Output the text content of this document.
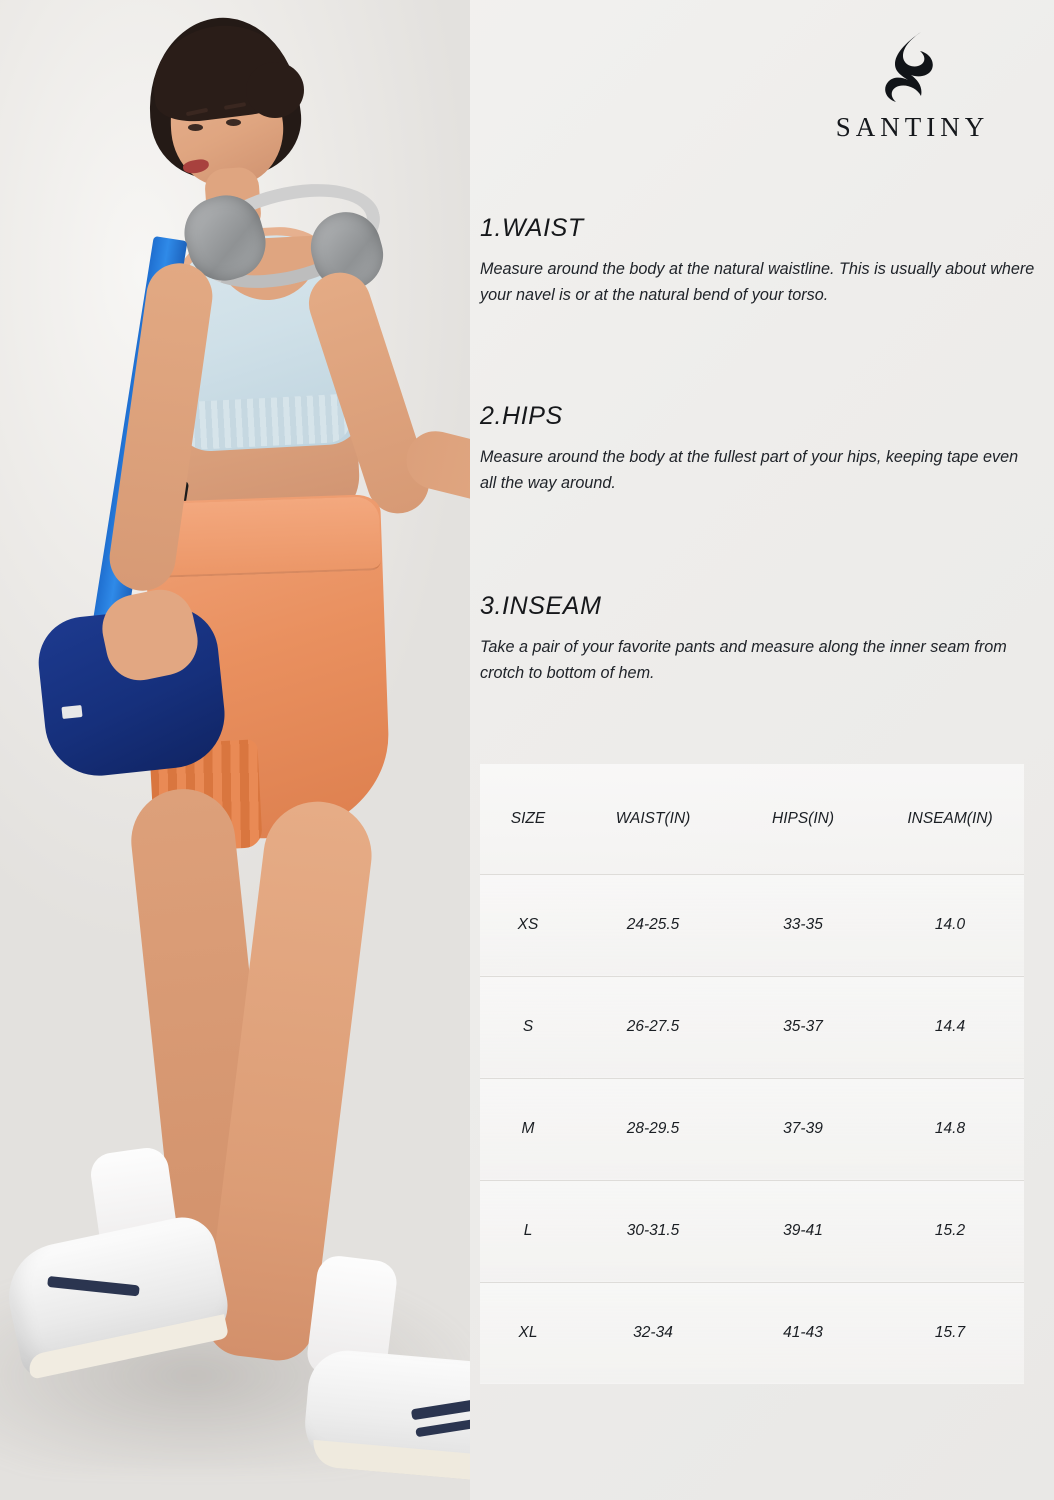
SANTINY
1.WAIST

Measure around the body at the natural waistline. This is usually about where your navel is or at the natural bend of your torso.

2.HIPS

Measure around the body at the fullest part of your hips, keeping tape even all the way around.

3.INSEAM

Take a pair of your favorite pants and measure along the inner seam from crotch to bottom of hem.

SIZE	WAIST(IN)	HIPS(IN)	INSEAM(IN)
XS	24-25.5	33-35	14.0
S	26-27.5	35-37	14.4
M	28-29.5	37-39	14.8
L	30-31.5	39-41	15.2
XL	32-34	41-43	15.7
